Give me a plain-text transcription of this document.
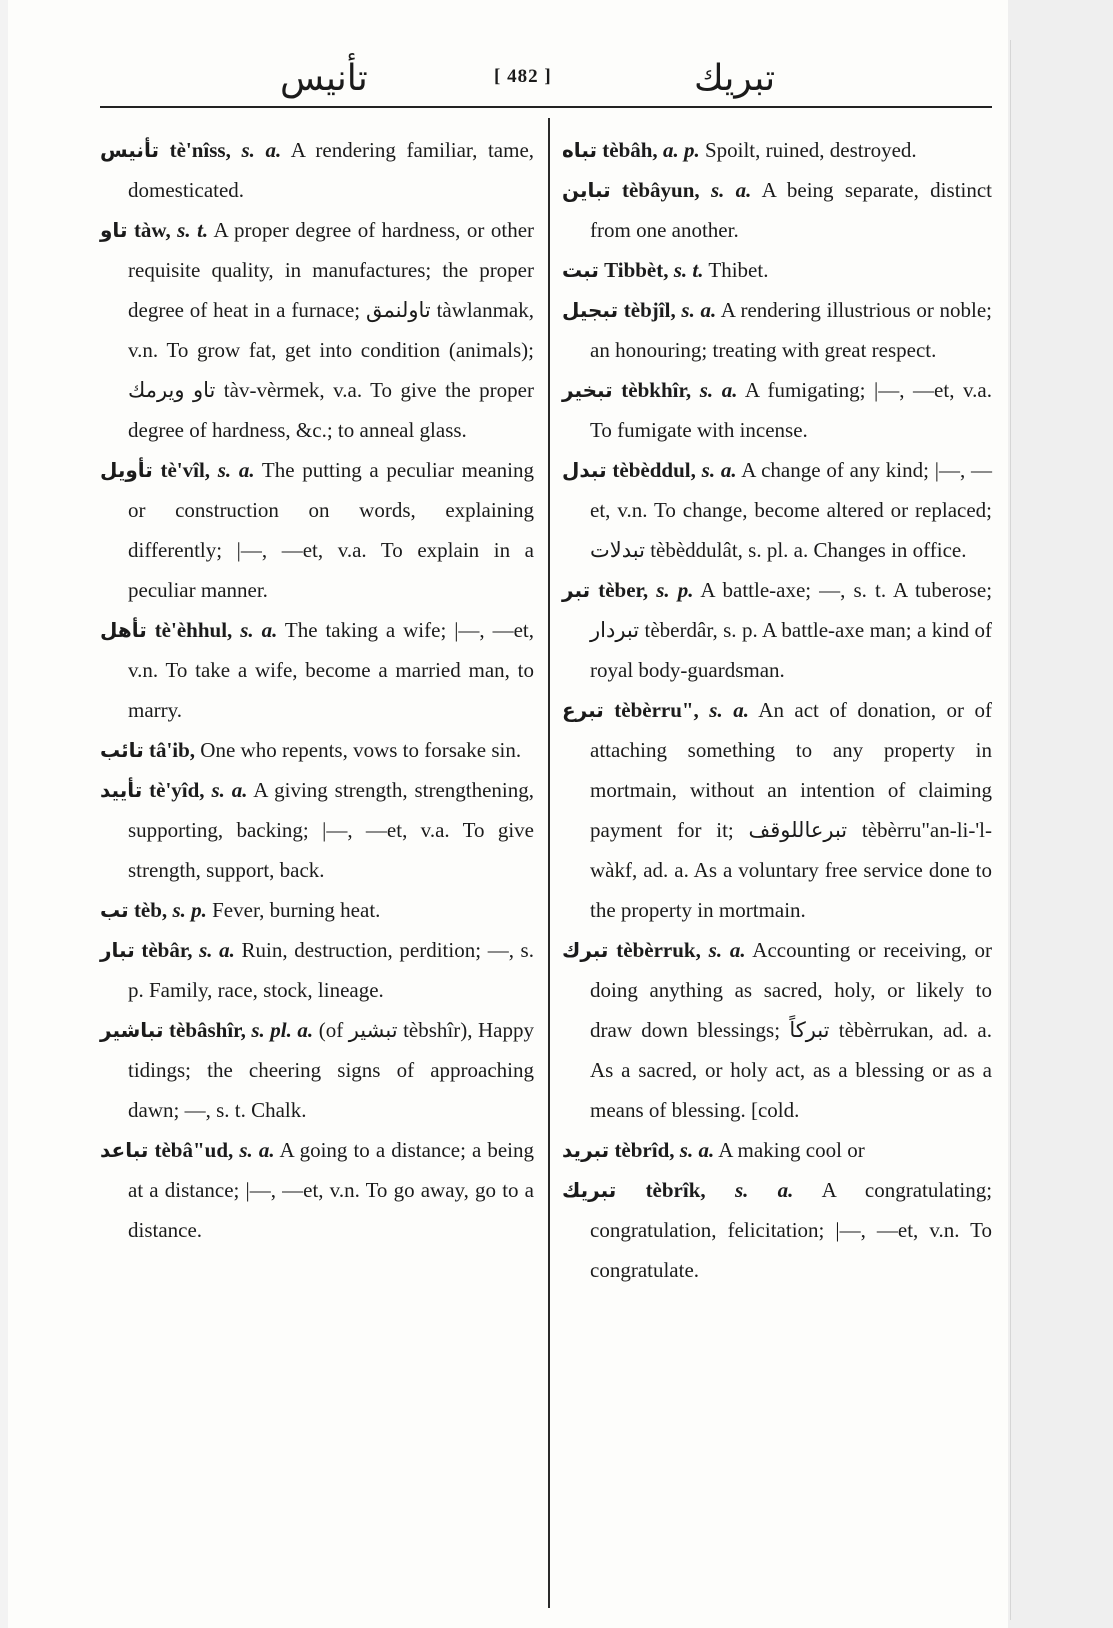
تأنيس	[ 482 ]	تبريك

تأنيس tè'nîss, s. a. A rendering familiar, tame, domesticated.

تاو tàw, s. t. A proper degree of hardness, or other requisite quality, in manufactures; the proper degree of heat in a furnace; تاولنمق tàwlanmak, v.n. To grow fat, get into condition (animals); تاو ويرمك tàv-vèrmek, v.a. To give the proper degree of hardness, &c.; to anneal glass.

تأويل tè'vîl, s. a. The putting a peculiar meaning or construction on words, explaining differently; |—, —et, v.a. To explain in a peculiar manner.

تأهل tè'èhhul, s. a. The taking a wife; |—, —et, v.n. To take a wife, become a married man, to marry.

تائب tâ'ib, One who repents, vows to forsake sin.

تأييد tè'yîd, s. a. A giving strength, strengthening, supporting, backing; |—, —et, v.a. To give strength, support, back.

تب tèb, s. p. Fever, burning heat.

تبار tèbâr, s. a. Ruin, destruction, perdition; —, s. p. Family, race, stock, lineage.

تباشير tèbâshîr, s. pl. a. (of تبشير tèbshîr), Happy tidings; the cheering signs of approaching dawn; —, s. t. Chalk.

تباعد tèbâ"ud, s. a. A going to a distance; a being at a distance; |—, —et, v.n. To go away, go to a distance.

تباه tèbâh, a. p. Spoilt, ruined, destroyed.

تباين tèbâyun, s. a. A being separate, distinct from one another.

تبت Tibbèt, s. t. Thibet.

تبجيل tèbjîl, s. a. A rendering illustrious or noble; an honouring; treating with great respect.

تبخير tèbkhîr, s. a. A fumigating; |—, —et, v.a. To fumigate with incense.

تبدل tèbèddul, s. a. A change of any kind; |—, —et, v.n. To change, become altered or replaced; تبدلات tèbèddulât, s. pl. a. Changes in office.

تبر tèber, s. p. A battle-axe; —, s. t. A tuberose; تبردار tèberdâr, s. p. A battle-axe man; a kind of royal body-guardsman.

تبرع tèbèrru", s. a. An act of donation, or of attaching something to any property in mortmain, without an intention of claiming payment for it; تبرعاللوقف tèbèrru"an-li-'l-wàkf, ad. a. As a voluntary free service done to the property in mortmain.

تبرك tèbèrruk, s. a. Accounting or receiving, or doing anything as sacred, holy, or likely to draw down blessings; تبركاً tèbèrrukan, ad. a. As a sacred, or holy act, as a blessing or as a means of blessing. [cold.

تبريد tèbrîd, s. a. A making cool or

تبريك tèbrîk, s. a. A congratulating; congratulation, felicitation; |—, —et, v.n. To congratulate.
